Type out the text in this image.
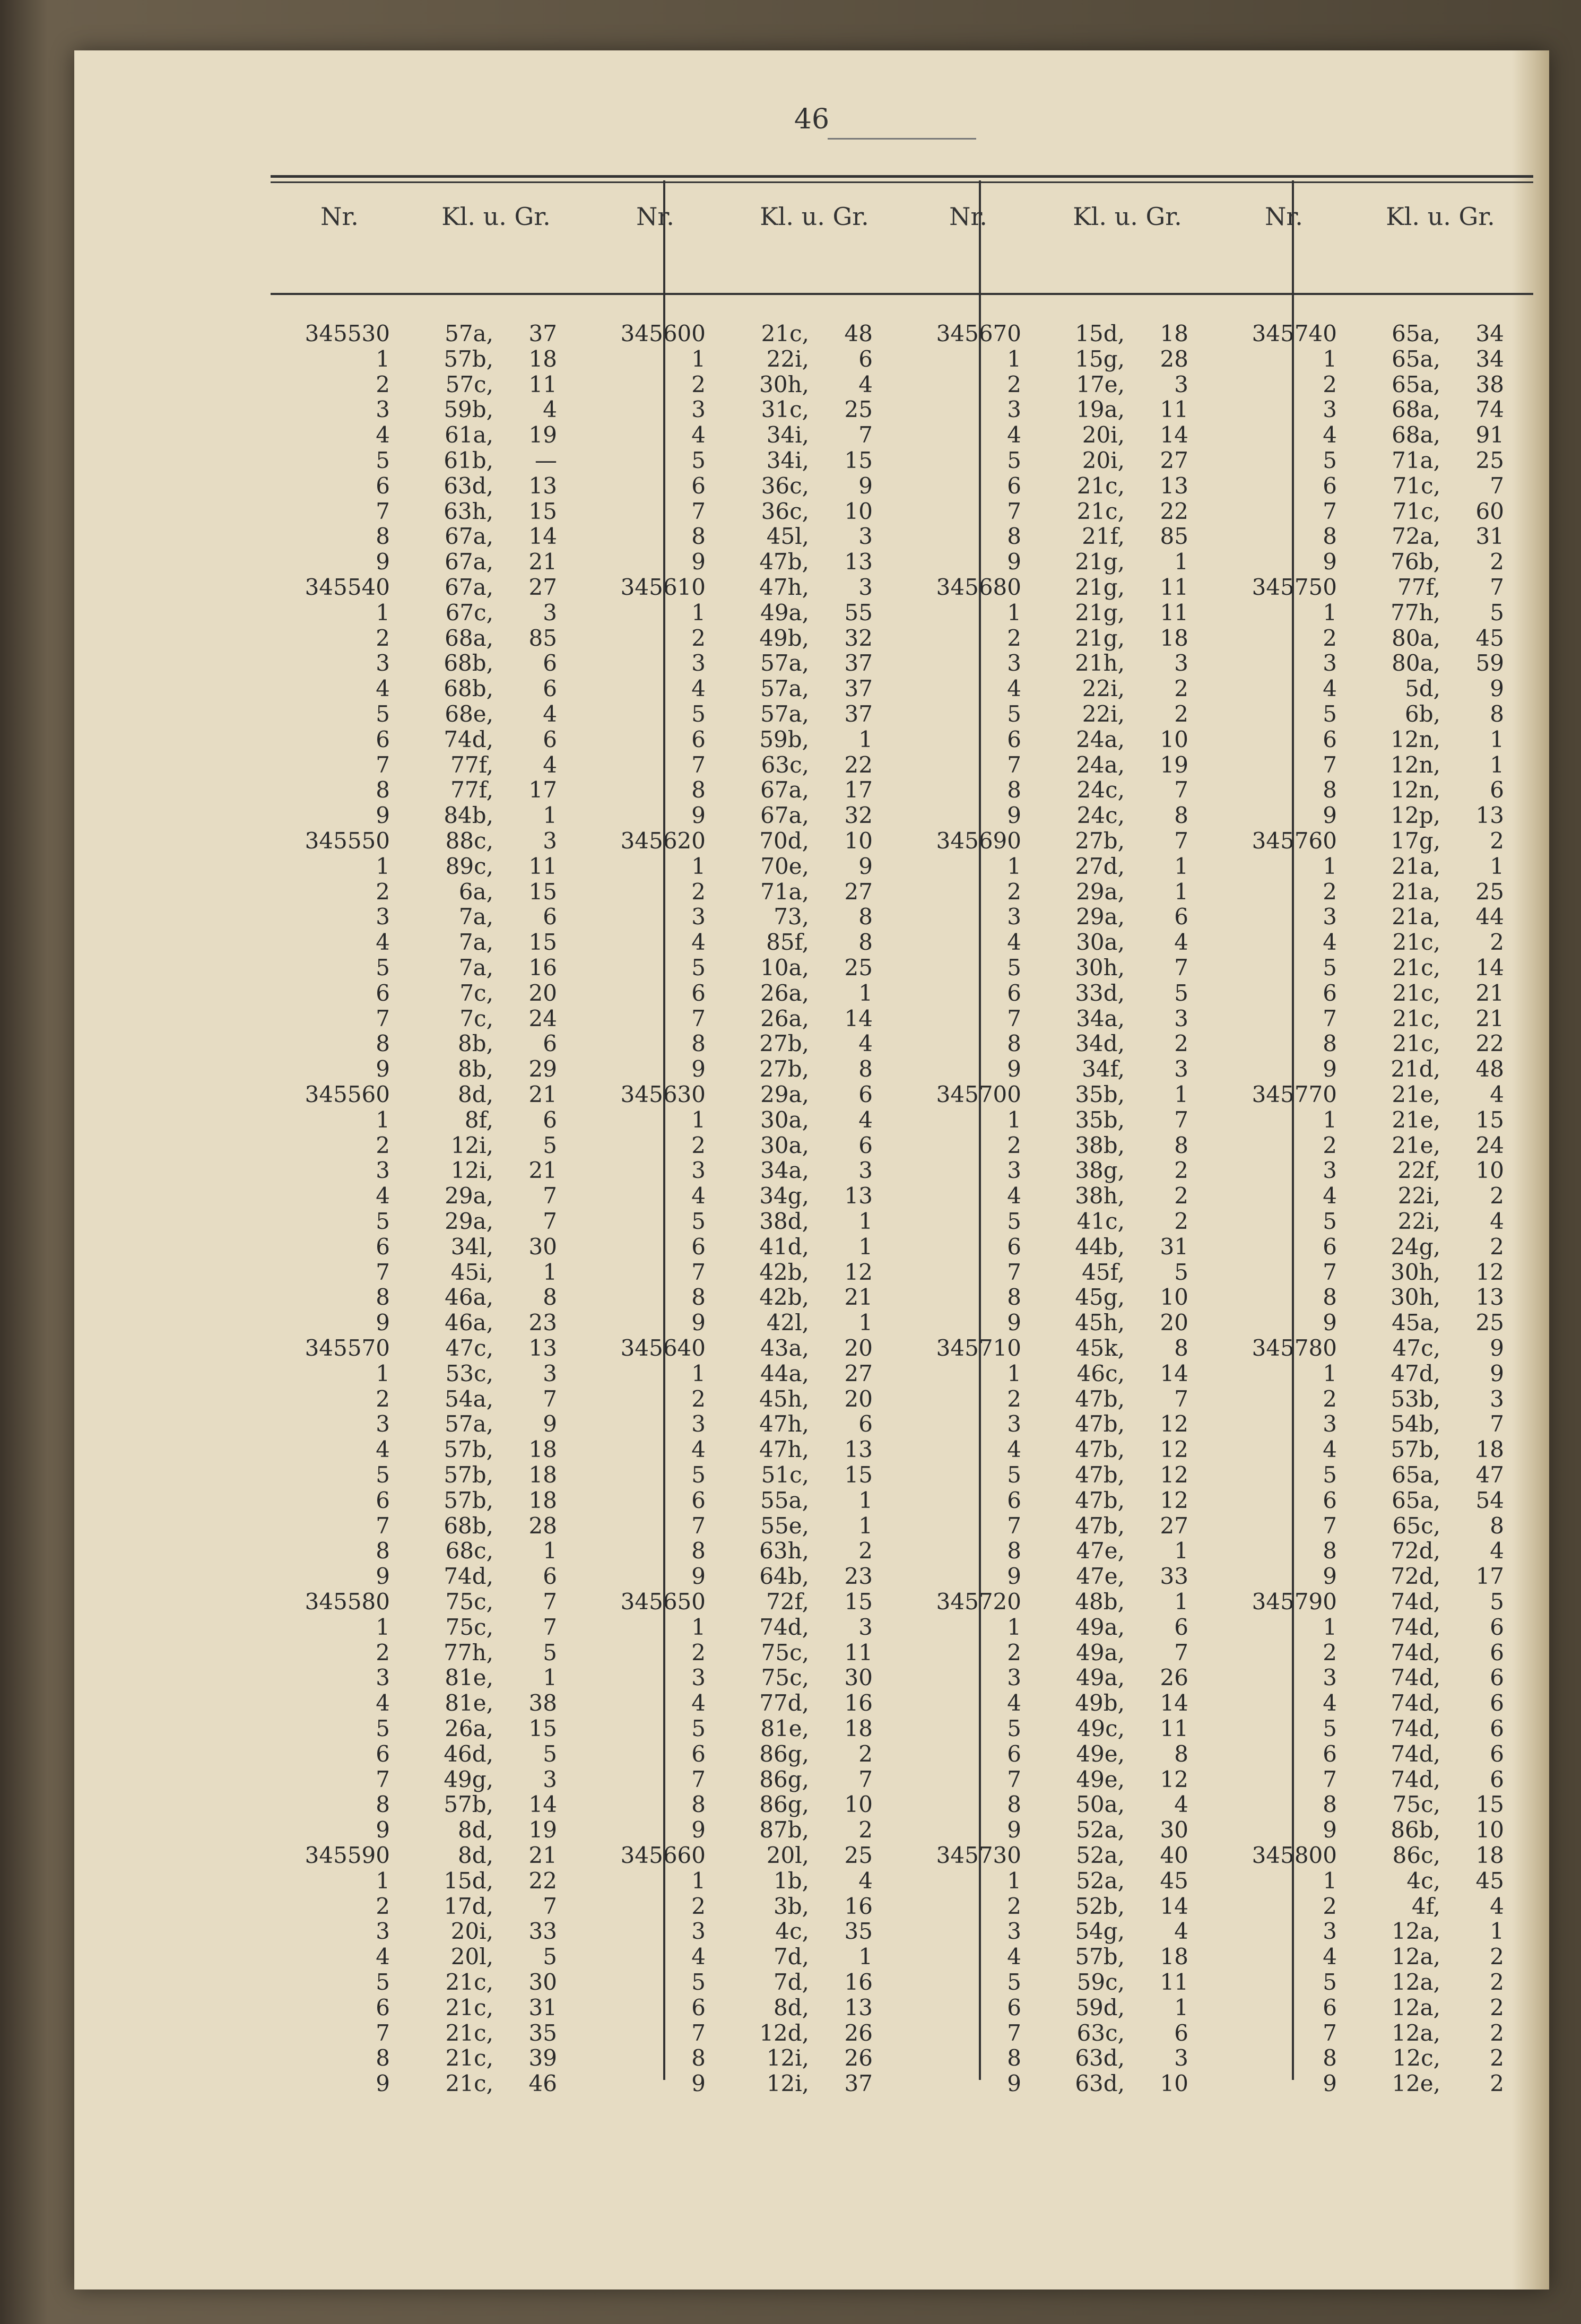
46
Nr.	Kl. u. Gr.	Nr.	Kl. u. Gr.	Nr.	Kl. u. Gr.	Nr.	Kl. u. Gr.
345530	57a,	37
1	57b,	18
2	57c,	11
3	59b,	4
4	61a,	19
5	61b,	—
6	63d,	13
7	63h,	15
8	67a,	14
9	67a,	21
345540	67a,	27
1	67c,	3
2	68a,	85
3	68b,	6
4	68b,	6
5	68e,	4
6	74d,	6
7	77f,	4
8	77f,	17
9	84b,	1
345550	88c,	3
1	89c,	11
2	6a,	15
3	7a,	6
4	7a,	15
5	7a,	16
6	7c,	20
7	7c,	24
8	8b,	6
9	8b,	29
345560	8d,	21
1	8f,	6
2	12i,	5
3	12i,	21
4	29a,	7
5	29a,	7
6	34l,	30
7	45i,	1
8	46a,	8
9	46a,	23
345570	47c,	13
1	53c,	3
2	54a,	7
3	57a,	9
4	57b,	18
5	57b,	18
6	57b,	18
7	68b,	28
8	68c,	1
9	74d,	6
345580	75c,	7
1	75c,	7
2	77h,	5
3	81e,	1
4	81e,	38
5	26a,	15
6	46d,	5
7	49g,	3
8	57b,	14
9	8d,	19
345590	8d,	21
1	15d,	22
2	17d,	7
3	20i,	33
4	20l,	5
5	21c,	30
6	21c,	31
7	21c,	35
8	21c,	39
9	21c,	46
345600	21c,	48
1	22i,	6
2	30h,	4
3	31c,	25
4	34i,	7
5	34i,	15
6	36c,	9
7	36c,	10
8	45l,	3
9	47b,	13
345610	47h,	3
1	49a,	55
2	49b,	32
3	57a,	37
4	57a,	37
5	57a,	37
6	59b,	1
7	63c,	22
8	67a,	17
9	67a,	32
345620	70d,	10
1	70e,	9
2	71a,	27
3	73,	8
4	85f,	8
5	10a,	25
6	26a,	1
7	26a,	14
8	27b,	4
9	27b,	8
345630	29a,	6
1	30a,	4
2	30a,	6
3	34a,	3
4	34g,	13
5	38d,	1
6	41d,	1
7	42b,	12
8	42b,	21
9	42l,	1
345640	43a,	20
1	44a,	27
2	45h,	20
3	47h,	6
4	47h,	13
5	51c,	15
6	55a,	1
7	55e,	1
8	63h,	2
9	64b,	23
345650	72f,	15
1	74d,	3
2	75c,	11
3	75c,	30
4	77d,	16
5	81e,	18
6	86g,	2
7	86g,	7
8	86g,	10
9	87b,	2
345660	20l,	25
1	1b,	4
2	3b,	16
3	4c,	35
4	7d,	1
5	7d,	16
6	8d,	13
7	12d,	26
8	12i,	26
9	12i,	37
345670	15d,	18
1	15g,	28
2	17e,	3
3	19a,	11
4	20i,	14
5	20i,	27
6	21c,	13
7	21c,	22
8	21f,	85
9	21g,	1
345680	21g,	11
1	21g,	11
2	21g,	18
3	21h,	3
4	22i,	2
5	22i,	2
6	24a,	10
7	24a,	19
8	24c,	7
9	24c,	8
345690	27b,	7
1	27d,	1
2	29a,	1
3	29a,	6
4	30a,	4
5	30h,	7
6	33d,	5
7	34a,	3
8	34d,	2
9	34f,	3
345700	35b,	1
1	35b,	7
2	38b,	8
3	38g,	2
4	38h,	2
5	41c,	2
6	44b,	31
7	45f,	5
8	45g,	10
9	45h,	20
345710	45k,	8
1	46c,	14
2	47b,	7
3	47b,	12
4	47b,	12
5	47b,	12
6	47b,	12
7	47b,	27
8	47e,	1
9	47e,	33
345720	48b,	1
1	49a,	6
2	49a,	7
3	49a,	26
4	49b,	14
5	49c,	11
6	49e,	8
7	49e,	12
8	50a,	4
9	52a,	30
345730	52a,	40
1	52a,	45
2	52b,	14
3	54g,	4
4	57b,	18
5	59c,	11
6	59d,	1
7	63c,	6
8	63d,	3
9	63d,	10
345740	65a,	34
1	65a,	34
2	65a,	38
3	68a,	74
4	68a,	91
5	71a,	25
6	71c,	7
7	71c,	60
8	72a,	31
9	76b,	2
345750	77f,	7
1	77h,	5
2	80a,	45
3	80a,	59
4	5d,	9
5	6b,	8
6	12n,	1
7	12n,	1
8	12n,	6
9	12p,	13
345760	17g,	2
1	21a,	1
2	21a,	25
3	21a,	44
4	21c,	2
5	21c,	14
6	21c,	21
7	21c,	21
8	21c,	22
9	21d,	48
345770	21e,	4
1	21e,	15
2	21e,	24
3	22f,	10
4	22i,	2
5	22i,	4
6	24g,	2
7	30h,	12
8	30h,	13
9	45a,	25
345780	47c,	9
1	47d,	9
2	53b,	3
3	54b,	7
4	57b,	18
5	65a,	47
6	65a,	54
7	65c,	8
8	72d,	4
9	72d,	17
345790	74d,	5
1	74d,	6
2	74d,	6
3	74d,	6
4	74d,	6
5	74d,	6
6	74d,	6
7	74d,	6
8	75c,	15
9	86b,	10
345800	86c,	18
1	4c,	45
2	4f,	4
3	12a,	1
4	12a,	2
5	12a,	2
6	12a,	2
7	12a,	2
8	12c,	2
9	12e,	2
